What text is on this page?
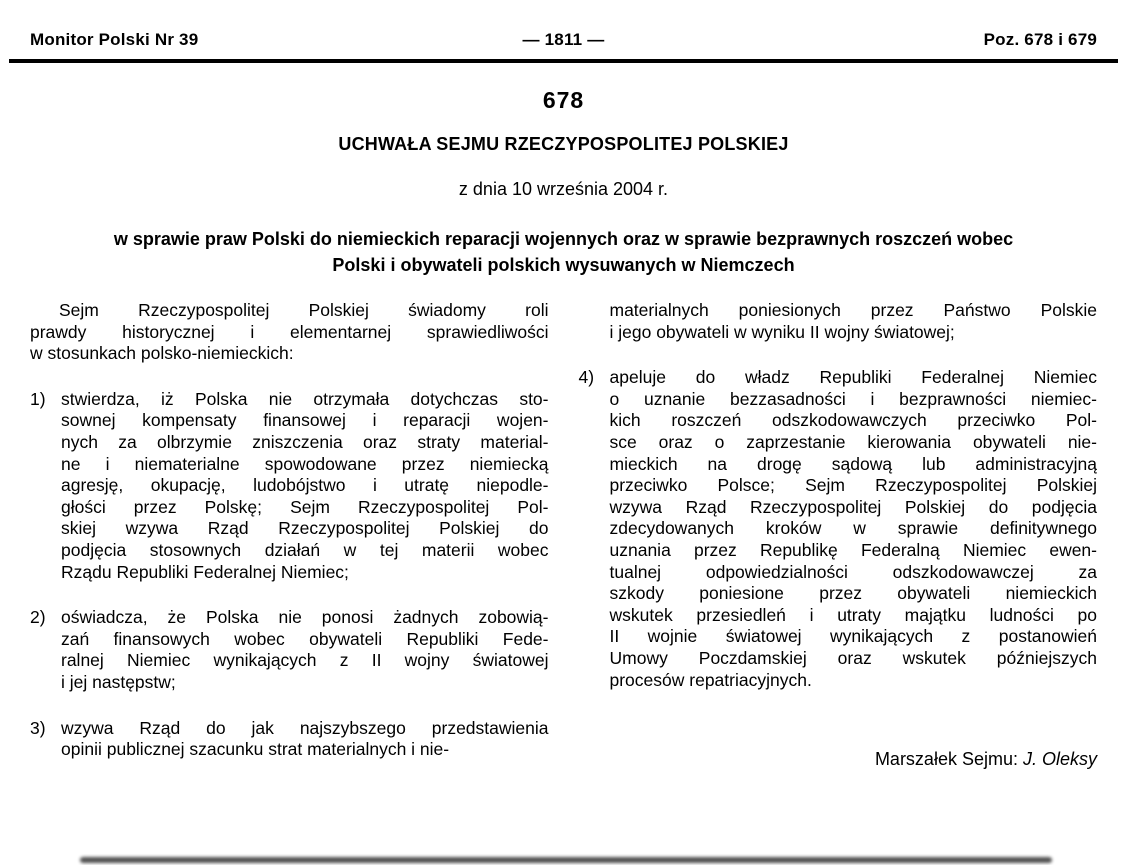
Monitor Polski Nr 39	— 1811 —	Poz. 678 i 679
678
UCHWAŁA SEJMU RZECZYPOSPOLITEJ POLSKIEJ
z dnia 10 września 2004 r.
w sprawie praw Polski do niemieckich reparacji wojennych oraz w sprawie bezprawnych roszczeń wobec
Polski i obywateli polskich wysuwanych w Niemczech
Sejm Rzeczypospolitej Polskiej świadomy roli
prawdy historycznej i elementarnej sprawiedliwości
w stosunkach polsko-niemieckich:
1) stwierdza, iż Polska nie otrzymała dotychczas sto-
sownej kompensaty finansowej i reparacji wojen-
nych za olbrzymie zniszczenia oraz straty material-
ne i niematerialne spowodowane przez niemiecką
agresję, okupację, ludobójstwo i utratę niepodle-
głości przez Polskę; Sejm Rzeczypospolitej Pol-
skiej wzywa Rząd Rzeczypospolitej Polskiej do
podjęcia stosownych działań w tej materii wobec
Rządu Republiki Federalnej Niemiec;
2) oświadcza, że Polska nie ponosi żadnych zobowią-
zań finansowych wobec obywateli Republiki Fede-
ralnej Niemiec wynikających z II wojny światowej
i jej następstw;
3) wzywa Rząd do jak najszybszego przedstawienia
opinii publicznej szacunku strat materialnych i nie-
materialnych poniesionych przez Państwo Polskie
i jego obywateli w wyniku II wojny światowej;
4) apeluje do władz Republiki Federalnej Niemiec
o uznanie bezzasadności i bezprawności niemiec-
kich roszczeń odszkodowawczych przeciwko Pol-
sce oraz o zaprzestanie kierowania obywateli nie-
mieckich na drogę sądową lub administracyjną
przeciwko Polsce; Sejm Rzeczypospolitej Polskiej
wzywa Rząd Rzeczypospolitej Polskiej do podjęcia
zdecydowanych kroków w sprawie definitywnego
uznania przez Republikę Federalną Niemiec ewen-
tualnej odpowiedzialności odszkodowawczej za
szkody poniesione przez obywateli niemieckich
wskutek przesiedleń i utraty majątku ludności po
II wojnie światowej wynikających z postanowień
Umowy Poczdamskiej oraz wskutek późniejszych
procesów repatriacyjnych.
Marszałek Sejmu: J. Oleksy
